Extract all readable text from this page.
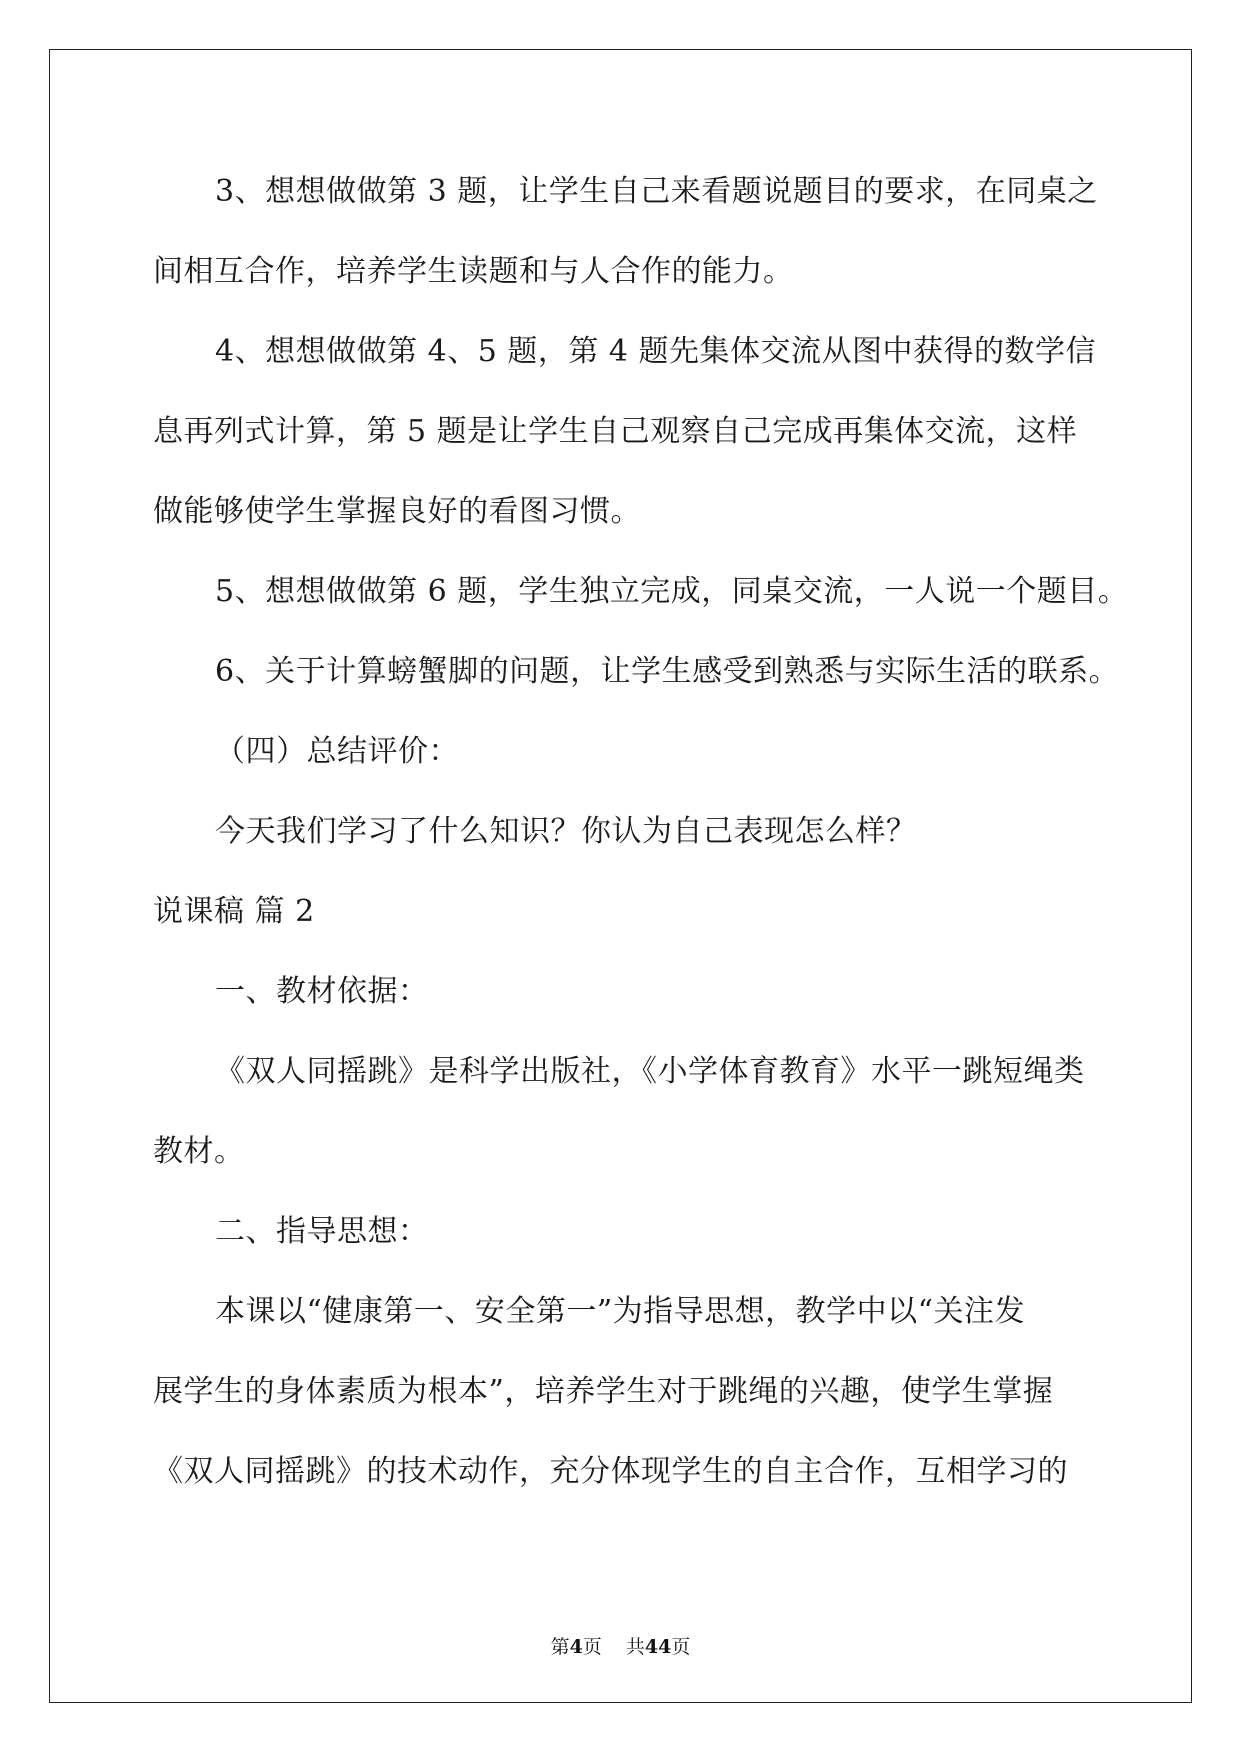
3、想想做做第 3 题，让学生自己来看题说题目的要求，在同桌之
间相互合作，培养学生读题和与人合作的能力。
4、想想做做第 4、5 题，第 4 题先集体交流从图中获得的数学信
息再列式计算，第 5 题是让学生自己观察自己完成再集体交流，这样
做能够使学生掌握良好的看图习惯。
5、想想做做第 6 题，学生独立完成，同桌交流，一人说一个题目。
6、关于计算螃蟹脚的问题，让学生感受到熟悉与实际生活的联系。
（四）总结评价：
今天我们学习了什么知识？你认为自己表现怎么样？
说课稿 篇 2
一、教材依据：
《双人同摇跳》是科学出版社，《小学体育教育》水平一跳短绳类
教材。
二、指导思想：
本课以“健康第一、安全第一”为指导思想，教学中以“关注发
展学生的身体素质为根本”，培养学生对于跳绳的兴趣，使学生掌握
《双人同摇跳》的技术动作，充分体现学生的自主合作，互相学习的
第4页 共44页
